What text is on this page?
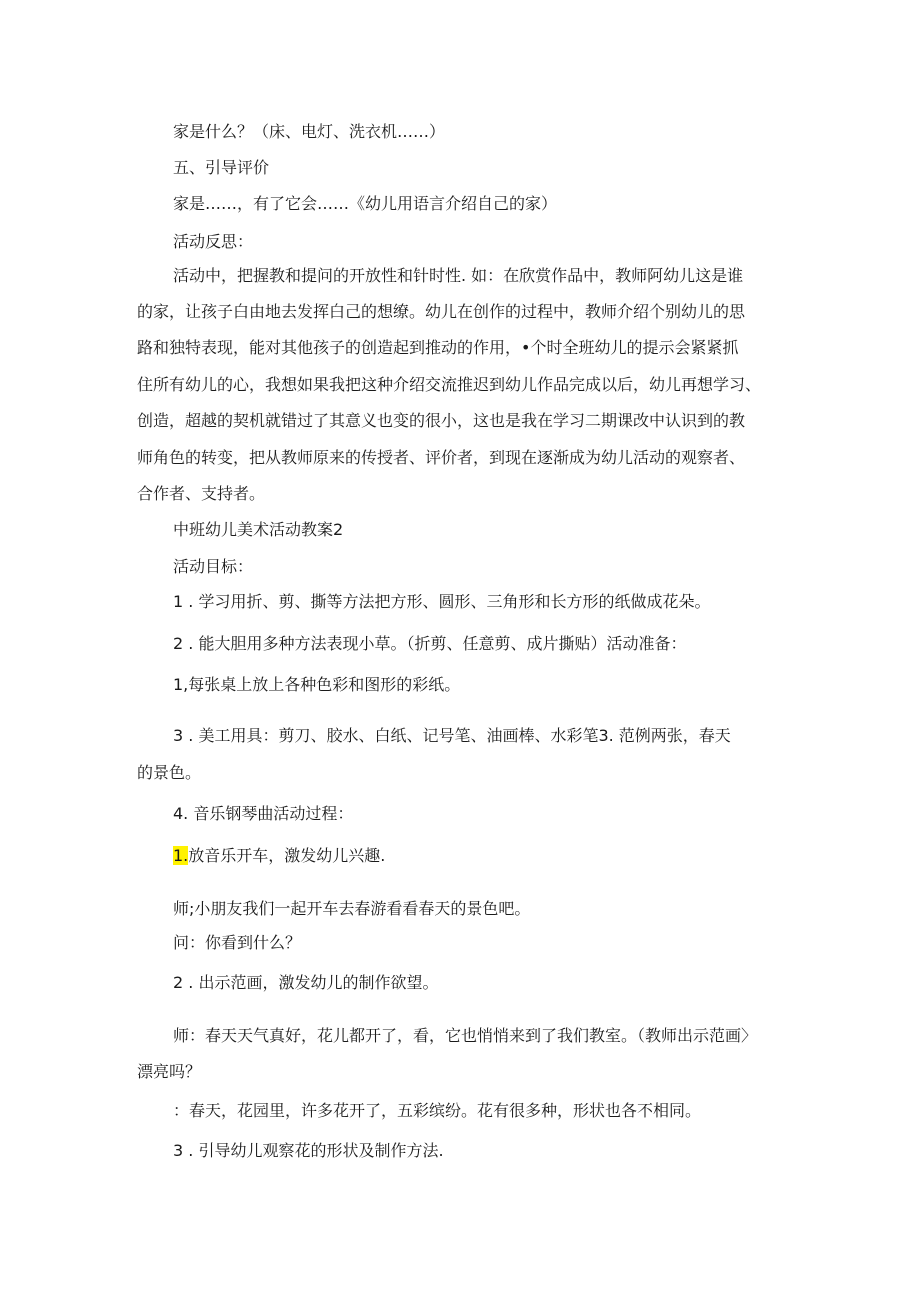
家是什么？（床、电灯、洗衣机……）
五、引导评价
家是……，有了它会……《幼儿用语言介绍自己的家）
活动反思：
活动中，把握教和提问的开放性和针时性. 如：在欣赏作品中，教师阿幼儿这是谁
的家，让孩子白由地去发挥白己的想缭。幼儿在创作的过程中，教师介绍个别幼儿的思
路和独特表现，能对其他孩子的创造起到推动的作用，•个时全班幼儿的提示会紧紧抓
住所有幼儿的心，我想如果我把这种介绍交流推迟到幼儿作品完成以后，幼儿再想学习、
创造，超越的契机就错过了其意义也变的很小，这也是我在学习二期课改中认识到的教
师角色的转变，把从教师原来的传授者、评价者，到现在逐渐成为幼儿活动的观察者、
合作者、支持者。
中班幼儿美术活动教案2
活动目标：
1 . 学习用折、剪、撕等方法把方形、圆形、三角形和长方形的纸做成花朵。
2 . 能大胆用多种方法表现小草。（折剪、任意剪、成片撕贴）活动准备：
1,每张桌上放上各种色彩和图形的彩纸。
3 . 美工用具：剪刀、胶水、白纸、记号笔、油画棒、水彩笔3. 范例两张，春天
的景色。
4. 音乐钢琴曲活动过程：
1.放音乐开车，激发幼儿兴趣.
师;小朋友我们一起开车去春游看看春天的景色吧。
问：你看到什么？
2 . 出示范画，激发幼儿的制作欲望。
师：春天天气真好，花儿都开了，看，它也悄悄来到了我们教室。（教师出示范画〉
漂亮吗？
：春天，花园里，许多花开了，五彩缤纷。花有很多种，形状也各不相同。
3 . 引导幼儿观察花的形状及制作方法.
